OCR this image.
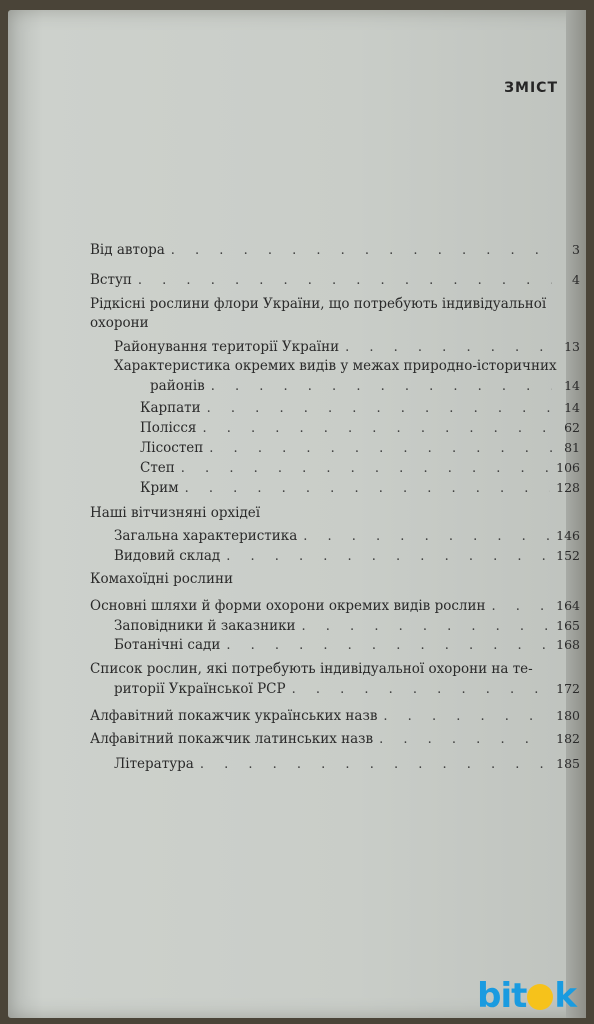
ЗМІСТ
Від автора . . .	3
Вступ . . .	4
Рідкісні рослини флори України, що потребують індивідуальної
охорони
Районування території України . . .	13
Характеристика окремих видів у межах природно-історичних
районів . . .	14
Карпати . . .	14
Полісся . . .	62
Лісостеп . . .	81
Степ . . .	106
Крим . . .	128
Наші вітчизняні орхідеї
Загальна характеристика . . .	146
Видовий склад . . .	152
Комахоїдні рослини
Основні шляхи й форми охорони окремих видів рослин . . .	164
Заповідники й заказники . . .	165
Ботанічні сади . . .	168
Список рослин, які потребують індивідуальної охорони на те-
риторії Української РСР . . .	172
Алфавітний покажчик українських назв . . .	180
Алфавітний покажчик латинських назв . . .	182
Література . . .	185
bit k
